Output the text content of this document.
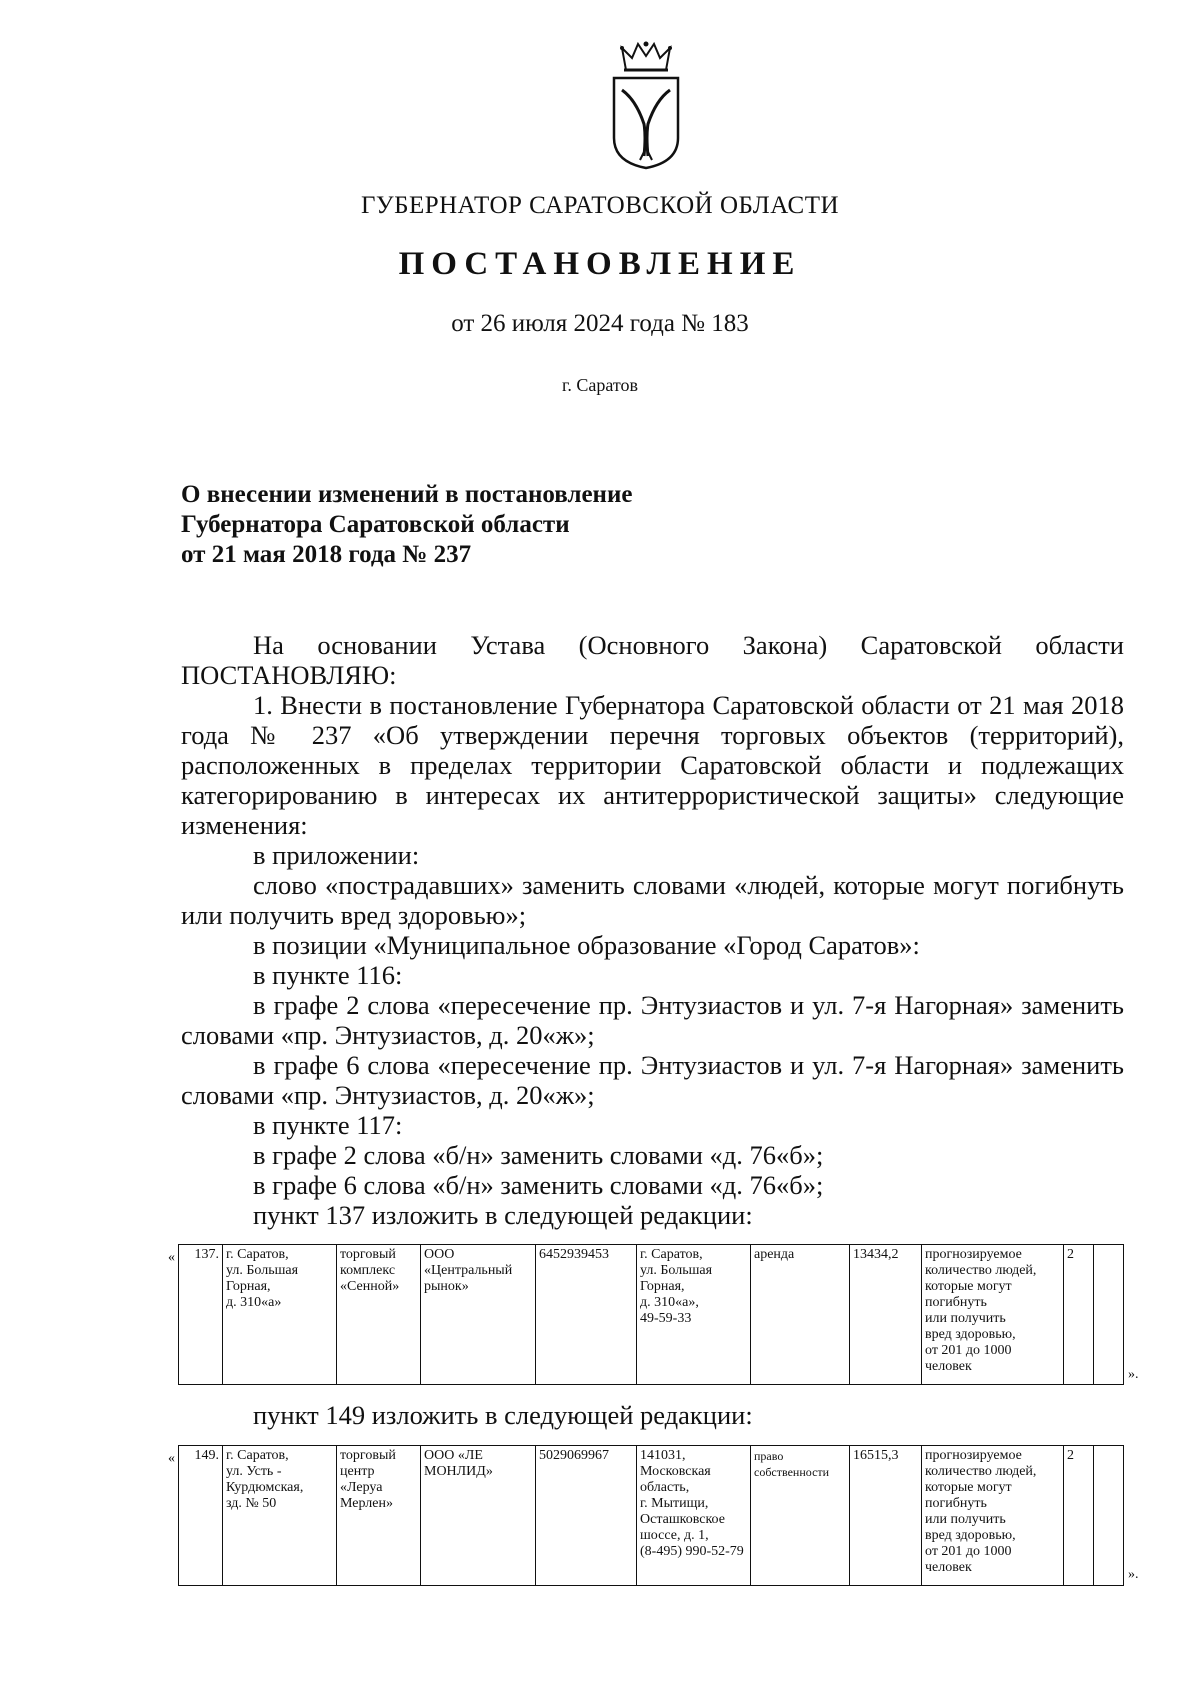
ГУБЕРНАТОР САРАТОВСКОЙ ОБЛАСТИ
ПОСТАНОВЛЕНИЕ
от 26 июля 2024 года № 183
г. Саратов
О внесении изменений в постановление
Губернатора Саратовской области
от 21 мая 2018 года № 237
На основании Устава (Основного Закона) Саратовской области ПОСТАНОВЛЯЮ:
1. Внести в постановление Губернатора Саратовской области от 21 мая 2018 года № 237 «Об утверждении перечня торговых объектов (территорий), расположенных в пределах территории Саратовской области и подлежащих категорированию в интересах их антитеррористической защиты» следующие изменения:
в приложении:
слово «пострадавших» заменить словами «людей, которые могут погибнуть или получить вред здоровью»;
в позиции «Муниципальное образование «Город Саратов»:
в пункте 116:
в графе 2 слова «пересечение пр. Энтузиастов и ул. 7-я Нагорная» заменить словами «пр. Энтузиастов, д. 20«ж»;
в графе 6 слова «пересечение пр. Энтузиастов и ул. 7-я Нагорная» заменить словами «пр. Энтузиастов, д. 20«ж»;
в пункте 117:
в графе 2 слова «б/н» заменить словами «д. 76«б»;
в графе 6 слова «б/н» заменить словами «д. 76«б»;
пункт 137 изложить в следующей редакции:
« 137.	г. Саратов,
ул. Большая
Горная,
д. 310«а»	торговый
комплекс
«Сенной»	ООО
«Центральный
рынок»	6452939453	г. Саратов,
ул. Большая
Горная,
д. 310«а»,
49-59-33	аренда	13434,2	прогнозируемое
количество людей,
которые могут
погибнуть
или получить
вред здоровью,
от 201 до 1000
человек	2	
».
пункт 149 изложить в следующей редакции:
« 149.	г. Саратов,
ул. Усть -
Курдюмская,
зд. № 50	торговый
центр
«Леруа
Мерлен»	ООО «ЛЕ
МОНЛИД»	5029069967	141031,
Московская
область,
г. Мытищи,
Осташковское
шоссе, д. 1,
(8-495) 990-52-79	право
собственности	16515,3	прогнозируемое
количество людей,
которые могут
погибнуть
или получить
вред здоровью,
от 201 до 1000
человек	2	
».
